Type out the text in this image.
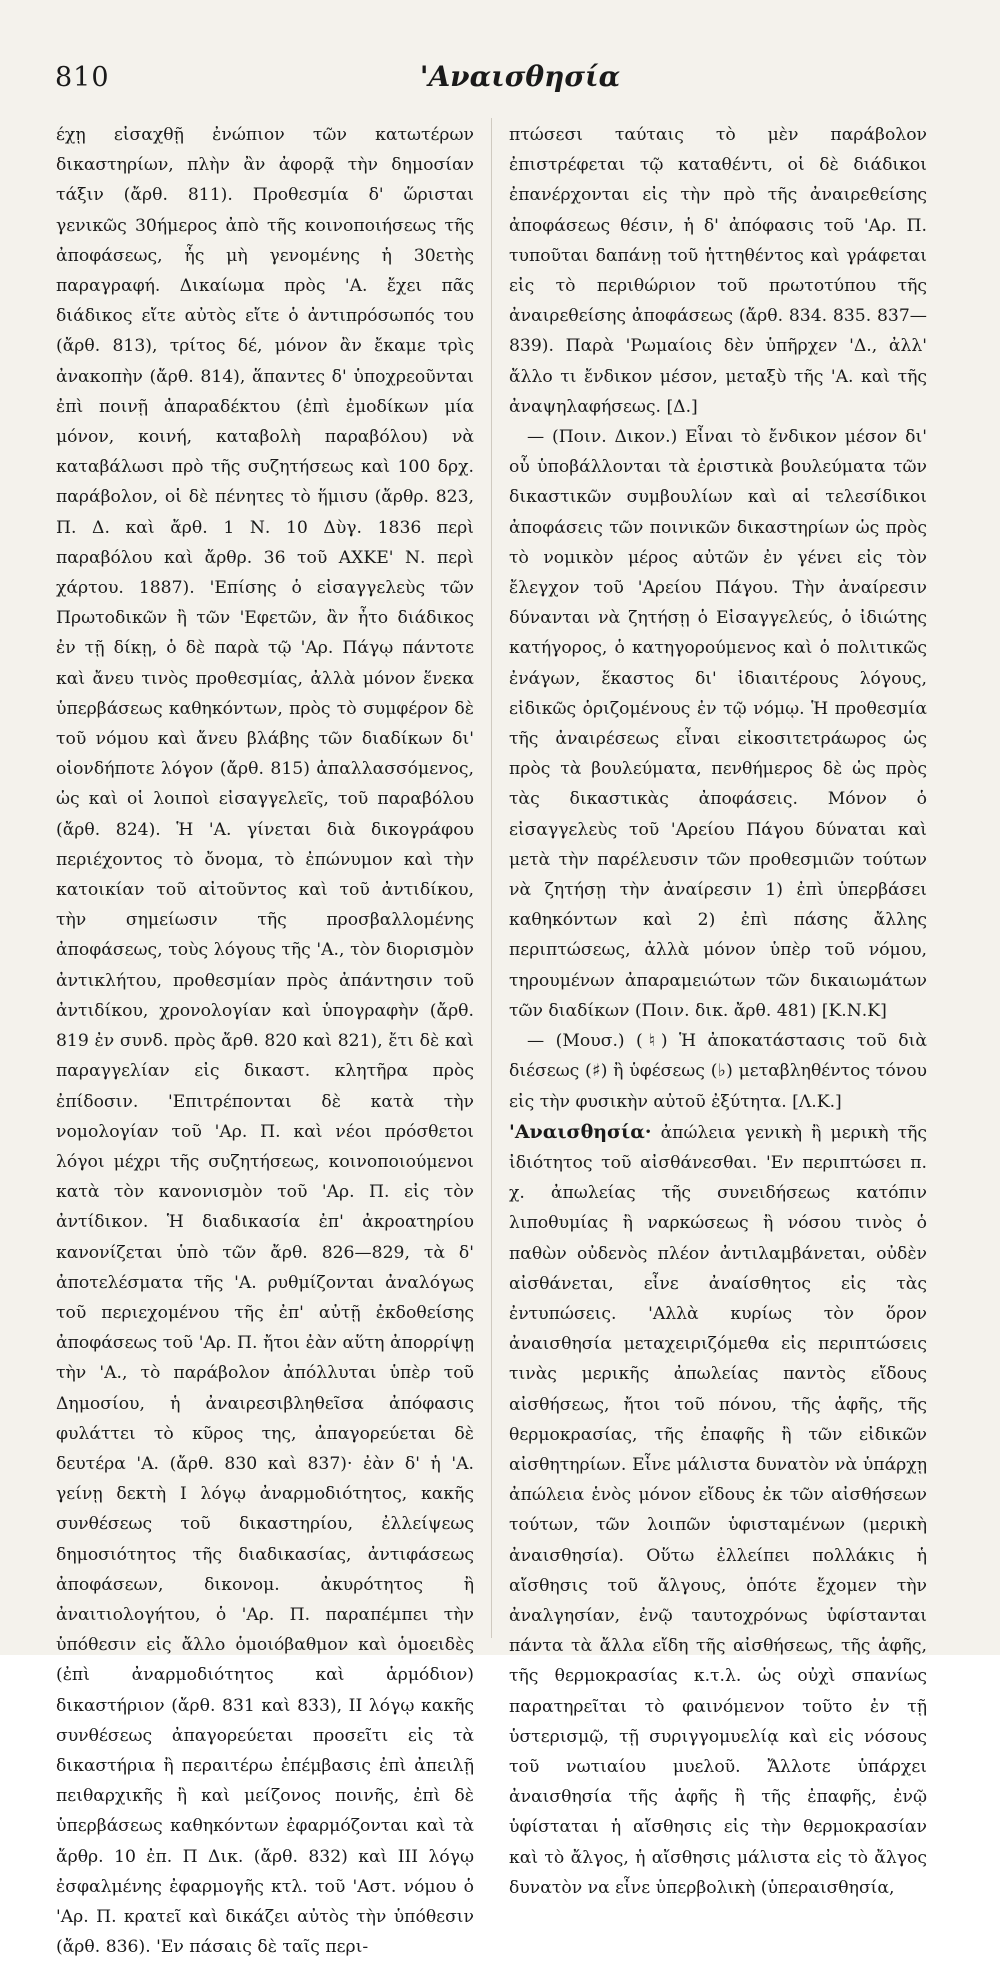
810	'Αναισθησία

έχῃ εἰσαχθῇ ἐνώπιον τῶν κατωτέρων δικαστηρίων, πλὴν ἂν ἀφορᾷ τὴν δημοσίαν τάξιν (ἄρθ. 811). Προθεσμία δ' ὥρισται γενικῶς 30ήμερος ἀπὸ τῆς κοινοποιήσεως τῆς ἀποφάσεως, ἧς μὴ γενομένης ἡ 30ετὴς παραγραφή. Δικαίωμα πρὸς 'Α. ἔχει πᾶς διάδικος εἴτε αὐτὸς εἴτε ὁ ἀντιπρόσωπός του (ἄρθ. 813), τρίτος δέ, μόνον ἂν ἔκαμε τρὶς ἀνακοπὴν (ἄρθ. 814), ἅπαντες δ' ὑποχρεοῦνται ἐπὶ ποινῇ ἀπαραδέκτου (ἐπὶ ἐμοδίκων μία μόνον, κοινή, καταβολὴ παραβόλου) νὰ καταβάλωσι πρὸ τῆς συζητήσεως καὶ 100 δρχ. παράβολον, οἱ δὲ πένητες τὸ ἥμισυ (ἄρθρ. 823, Π. Δ. καὶ ἄρθ. 1 Ν. 10 Δὺγ. 1836 περὶ παραβόλου καὶ ἄρθρ. 36 τοῦ ΑΧΚΕ' Ν. περὶ χάρτου. 1887). 'Επίσης ὁ εἰσαγγελεὺς τῶν Πρωτοδικῶν ἢ τῶν 'Εφετῶν, ἂν ἦτο διάδικος ἐν τῇ δίκῃ, ὁ δὲ παρὰ τῷ 'Αρ. Πάγῳ πάντοτε καὶ ἄνευ τινὸς προθεσμίας, ἀλλὰ μόνον ἕνεκα ὑπερβάσεως καθηκόντων, πρὸς τὸ συμφέρον δὲ τοῦ νόμου καὶ ἄνευ βλάβης τῶν διαδίκων δι' οἱονδήποτε λόγον (ἄρθ. 815) ἀπαλλασσόμενος, ὡς καὶ οἱ λοιποὶ εἰσαγγελεῖς, τοῦ παραβόλου (ἄρθ. 824). Ἡ 'Α. γίνεται διὰ δικογράφου περιέχοντος τὸ ὄνομα, τὸ ἐπώνυμον καὶ τὴν κατοικίαν τοῦ αἰτοῦντος καὶ τοῦ ἀντιδίκου, τὴν σημείωσιν τῆς προσβαλλομένης ἀποφάσεως, τοὺς λόγους τῆς 'Α., τὸν διορισμὸν ἀντικλήτου, προθεσμίαν πρὸς ἀπάντησιν τοῦ ἀντιδίκου, χρονολογίαν καὶ ὑπογραφὴν (ἄρθ. 819 ἐν συνδ. πρὸς ἄρθ. 820 καὶ 821), ἔτι δὲ καὶ παραγγελίαν εἰς δικαστ. κλητῆρα πρὸς ἐπίδοσιν. 'Επιτρέπονται δὲ κατὰ τὴν νομολογίαν τοῦ 'Αρ. Π. καὶ νέοι πρόσθετοι λόγοι μέχρι τῆς συζητήσεως, κοινοποιούμενοι κατὰ τὸν κανονισμὸν τοῦ 'Αρ. Π. εἰς τὸν ἀντίδικον. Ἡ διαδικασία ἐπ' ἀκροατηρίου κανονίζεται ὑπὸ τῶν ἄρθ. 826—829, τὰ δ' ἀποτελέσματα τῆς 'Α. ρυθμίζονται ἀναλόγως τοῦ περιεχομένου τῆς ἐπ' αὐτῇ ἐκδοθείσης ἀποφάσεως τοῦ 'Αρ. Π. ἤτοι ἐὰν αὕτη ἀπορρίψῃ τὴν 'Α., τὸ παράβολον ἀπόλλυται ὑπὲρ τοῦ Δημοσίου, ἡ ἀναιρεσιβληθεῖσα ἀπόφασις φυλάττει τὸ κῦρος της, ἀπαγορεύεται δὲ δευτέρα 'Α. (ἄρθ. 830 καὶ 837)· ἐὰν δ' ἡ 'Α. γείνῃ δεκτὴ Ι λόγῳ ἀναρμοδιότητος, κακῆς συνθέσεως τοῦ δικαστηρίου, ἐλλείψεως δημοσιότητος τῆς διαδικασίας, ἀντιφάσεως ἀποφάσεων, δικονομ. ἀκυρότητος ἢ ἀναιτιολογήτου, ὁ 'Αρ. Π. παραπέμπει τὴν ὑπόθεσιν εἰς ἄλλο ὁμοιόβαθμον καὶ ὁμοειδὲς (ἐπὶ ἀναρμοδιότητος καὶ ἁρμόδιον) δικαστήριον (ἄρθ. 831 καὶ 833), ΙΙ λόγῳ κακῆς συνθέσεως ἀπαγορεύεται προσεῖτι εἰς τὰ δικαστήρια ἢ περαιτέρω ἐπέμβασις ἐπὶ ἀπειλῇ πειθαρχικῆς ἢ καὶ μείζονος ποινῆς, ἐπὶ δὲ ὑπερβάσεως καθηκόντων ἐφαρμόζονται καὶ τὰ ἄρθρ. 10 ἐπ. Π Δικ. (ἄρθ. 832) καὶ ΙΙΙ λόγῳ ἐσφαλμένης ἐφαρμογῆς κτλ. τοῦ 'Αστ. νόμου ὁ 'Αρ. Π. κρατεῖ καὶ δικάζει αὐτὸς τὴν ὑπόθεσιν (ἄρθ. 836). 'Εν πάσαις δὲ ταῖς περι-

πτώσεσι ταύταις τὸ μὲν παράβολον ἐπιστρέφεται τῷ καταθέντι, οἱ δὲ διάδικοι ἐπανέρχονται εἰς τὴν πρὸ τῆς ἀναιρεθείσης ἀποφάσεως θέσιν, ἡ δ' ἀπόφασις τοῦ 'Αρ. Π. τυποῦται δαπάνῃ τοῦ ἡττηθέντος καὶ γράφεται εἰς τὸ περιθώριον τοῦ πρωτοτύπου τῆς ἀναιρεθείσης ἀποφάσεως (ἄρθ. 834. 835. 837—839). Παρὰ 'Ρωμαίοις δὲν ὑπῆρχεν 'Δ., ἀλλ' ἄλλο τι ἔνδικον μέσον, μεταξὺ τῆς 'Α. καὶ τῆς ἀναψηλαφήσεως. [Δ.]

— (Ποιν. Δικον.) Εἶναι τὸ ἔνδικον μέσον δι' οὗ ὑποβάλλονται τὰ ἐριστικὰ βουλεύματα τῶν δικαστικῶν συμβουλίων καὶ αἱ τελεσίδικοι ἀποφάσεις τῶν ποινικῶν δικαστηρίων ὡς πρὸς τὸ νομικὸν μέρος αὐτῶν ἐν γένει εἰς τὸν ἔλεγχον τοῦ 'Αρείου Πάγου. Τὴν ἀναίρεσιν δύνανται νὰ ζητήσῃ ὁ Εἰσαγγελεύς, ὁ ἰδιώτης κατήγορος, ὁ κατηγορούμενος καὶ ὁ πολιτικῶς ἐνάγων, ἕκαστος δι' ἰδιαιτέρους λόγους, εἰδικῶς ὁριζομένους ἐν τῷ νόμῳ. Ἡ προθεσμία τῆς ἀναιρέσεως εἶναι εἰκοσιτετράωρος ὡς πρὸς τὰ βουλεύματα, πενθήμερος δὲ ὡς πρὸς τὰς δικαστικὰς ἀποφάσεις. Μόνον ὁ εἰσαγγελεὺς τοῦ 'Αρείου Πάγου δύναται καὶ μετὰ τὴν παρέλευσιν τῶν προθεσμιῶν τούτων νὰ ζητήσῃ τὴν ἀναίρεσιν 1) ἐπὶ ὑπερβάσει καθηκόντων καὶ 2) ἐπὶ πάσης ἄλλης περιπτώσεως, ἀλλὰ μόνον ὑπὲρ τοῦ νόμου, τηρουμένων ἀπαραμειώτων τῶν δικαιωμάτων τῶν διαδίκων (Ποιν. δικ. ἄρθ. 481) [Κ.Ν.Κ]

— (Μουσ.) (♮) Ἡ ἀποκατάστασις τοῦ διὰ διέσεως (♯) ἢ ὑφέσεως (♭) μεταβληθέντος τόνου εἰς τὴν φυσικὴν αὐτοῦ ἐξύτητα. [Λ.Κ.]

'Αναισθησία· ἀπώλεια γενικὴ ἢ μερικὴ τῆς ἰδιότητος τοῦ αἰσθάνεσθαι. 'Εν περιπτώσει π. χ. ἀπωλείας τῆς συνειδήσεως κατόπιν λιποθυμίας ἢ ναρκώσεως ἢ νόσου τινὸς ὁ παθὼν οὐδενὸς πλέον ἀντιλαμβάνεται, οὐδὲν αἰσθάνεται, εἶνε ἀναίσθητος εἰς τὰς ἐντυπώσεις. 'Αλλὰ κυρίως τὸν ὅρον ἀναισθησία μεταχειριζόμεθα εἰς περιπτώσεις τινὰς μερικῆς ἀπωλείας παντὸς εἴδους αἰσθήσεως, ἤτοι τοῦ πόνου, τῆς ἁφῆς, τῆς θερμοκρασίας, τῆς ἐπαφῆς ἢ τῶν εἰδικῶν αἰσθητηρίων. Εἶνε μάλιστα δυνατὸν νὰ ὑπάρχῃ ἀπώλεια ἑνὸς μόνον εἴδους ἐκ τῶν αἰσθήσεων τούτων, τῶν λοιπῶν ὑφισταμένων (μερικὴ ἀναισθησία). Οὕτω ἐλλείπει πολλάκις ἡ αἴσθησις τοῦ ἄλγους, ὁπότε ἔχομεν τὴν ἀναλγησίαν, ἐνῷ ταυτοχρόνως ὑφίστανται πάντα τὰ ἄλλα εἴδη τῆς αἰσθήσεως, τῆς ἁφῆς, τῆς θερμοκρασίας κ.τ.λ. ὡς οὐχὶ σπανίως παρατηρεῖται τὸ φαινόμενον τοῦτο ἐν τῇ ὑστερισμῷ, τῇ συριγγομυελίᾳ καὶ εἰς νόσους τοῦ νωτιαίου μυελοῦ. Ἄλλοτε ὑπάρχει ἀναισθησία τῆς ἁφῆς ἢ τῆς ἐπαφῆς, ἐνῷ ὑφίσταται ἡ αἴσθησις εἰς τὴν θερμοκρασίαν καὶ τὸ ἄλγος, ἡ αἴσθησις μάλιστα εἰς τὸ ἄλγος δυνατὸν να εἶνε ὑπερβολικὴ (ὑπεραισθησία,
